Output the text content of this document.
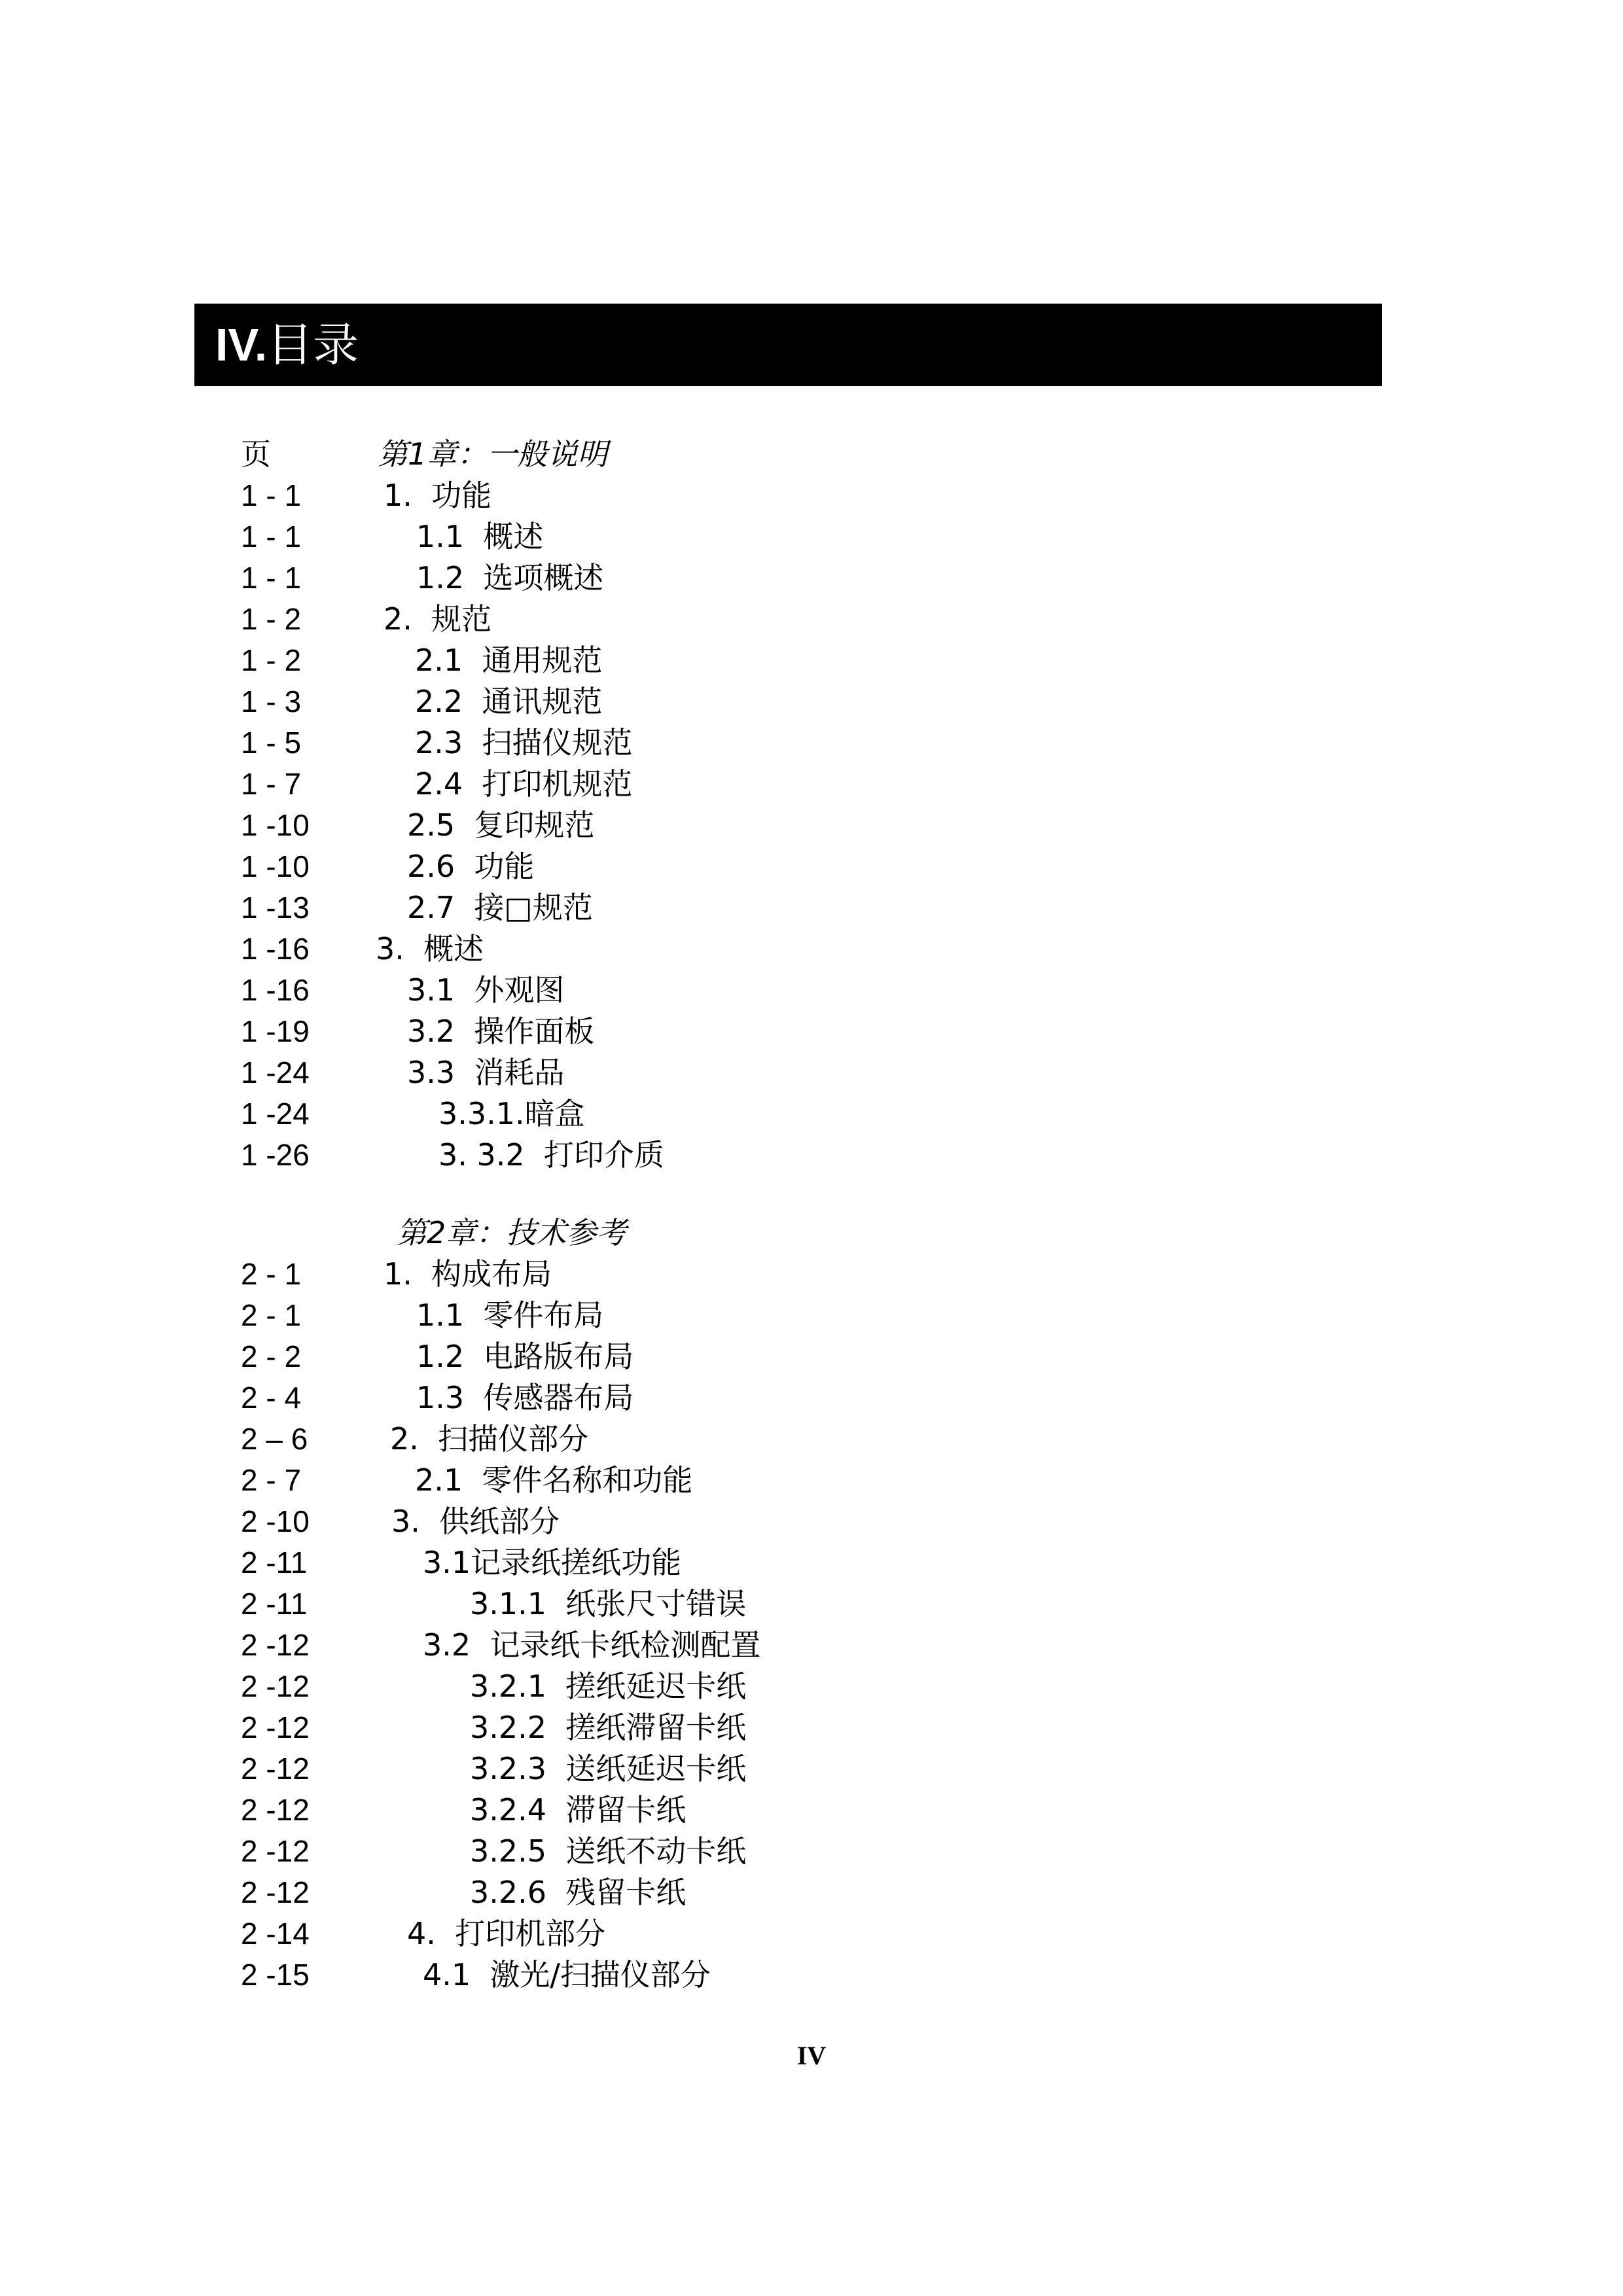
IV. 目录
页	第1章：一般说明
1 - 1	1.  功能
1 - 1	1.1  概述
1 - 1	1.2  选项概述
1 - 2	2.  规范
1 - 2	2.1  通用规范
1 - 3	2.2  通讯规范
1 - 5	2.3  扫描仪规范
1 - 7	2.4  打印机规范
1 -10	2.5  复印规范
1 -10	2.6  功能
1 -13	2.7  接□规范
1 -16 3.  概述
1 -16	3.1  外观图
1 -19	3.2  操作面板
1 -24	3.3  消耗品
1 -24	3.3.1.暗盒
1 -26	3. 3.2  打印介质
第2章：技术参考
2 - 1	1.  构成布局
2 - 1	1.1  零件布局
2 - 2	1.2  电路版布局
2 - 4	1.3  传感器布局
2 – 6	2.  扫描仪部分
2 - 7	2.1  零件名称和功能
2 -10	3.  供纸部分
2 -11	3.1记录纸搓纸功能
2 -11	3.1.1  纸张尺寸错误
2 -12	3.2  记录纸卡纸检测配置
2 -12	3.2.1  搓纸延迟卡纸
2 -12	3.2.2  搓纸滞留卡纸
2 -12	3.2.3  送纸延迟卡纸
2 -12	3.2.4  滞留卡纸
2 -12	3.2.5  送纸不动卡纸
2 -12	3.2.6  残留卡纸
2 -14	4.  打印机部分
2 -15	4.1  激光/扫描仪部分
IV
